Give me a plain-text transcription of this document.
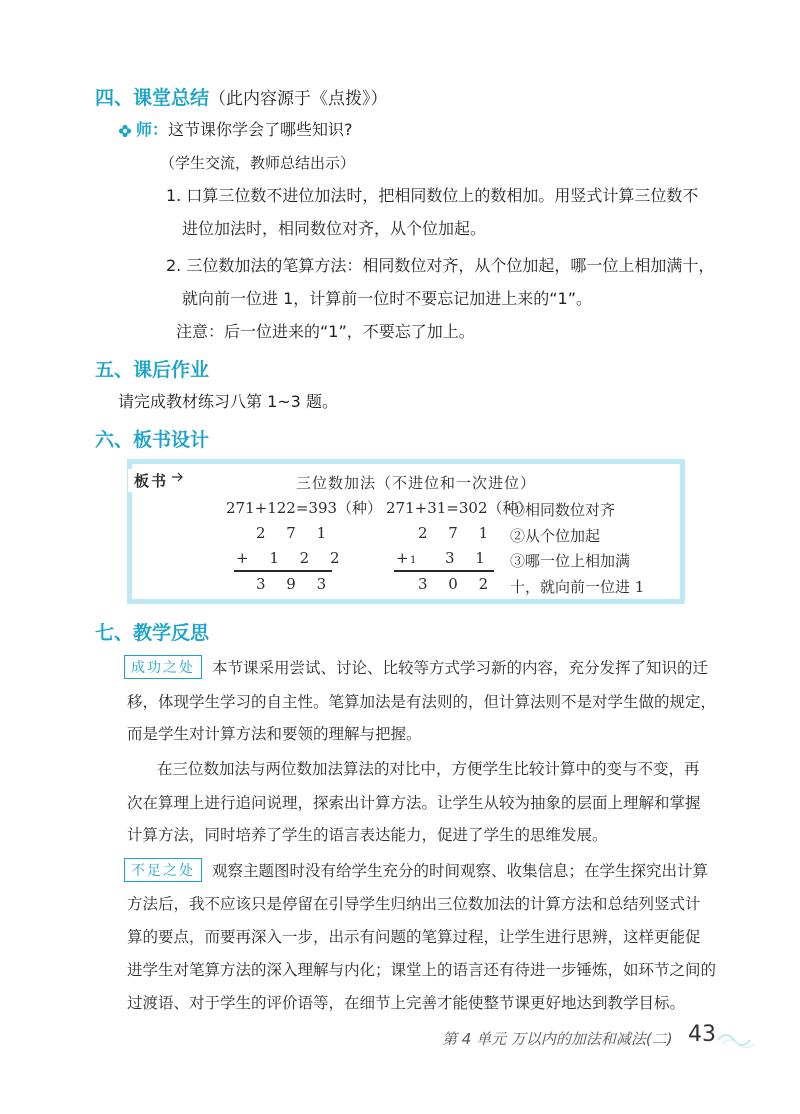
四、课堂总结（此内容源于《点拨》）
师：这节课你学会了哪些知识?
（学生交流，教师总结出示）
1. 口算三位数不进位加法时，把相同数位上的数相加。用竖式计算三位数不
进位加法时，相同数位对齐，从个位加起。
2. 三位数加法的笔算方法：相同数位对齐，从个位加起，哪一位上相加满十，
就向前一位进 1，计算前一位时不要忘记加进上来的“1”。
注意：后一位进来的“1”，不要忘了加上。
五、课后作业
请完成教材练习八第 1~3 题。
六、板书设计
板书	三位数加法（不进位和一次进位）
271+122=393（种） 271+31=302（种）
2 7 1
+ 1 2 2
3 9 3
2 7 1
+ 1 3 1
3 0 2
①相同数位对齐
②从个位加起
③哪一位上相加满
十，就向前一位进 1
七、教学反思
成功之处	本节课采用尝试、讨论、比较等方式学习新的内容，充分发挥了知识的迁
移，体现学生学习的自主性。笔算加法是有法则的，但计算法则不是对学生做的规定，
而是学生对计算方法和要领的理解与把握。
在三位数加法与两位数加法算法的对比中，方便学生比较计算中的变与不变，再
次在算理上进行追问说理，探索出计算方法。让学生从较为抽象的层面上理解和掌握
计算方法，同时培养了学生的语言表达能力，促进了学生的思维发展。
不足之处	观察主题图时没有给学生充分的时间观察、收集信息；在学生探究出计算
方法后，我不应该只是停留在引导学生归纳出三位数加法的计算方法和总结列竖式计
算的要点，而要再深入一步，出示有问题的笔算过程，让学生进行思辨，这样更能促
进学生对笔算方法的深入理解与内化；课堂上的语言还有待进一步锤炼，如环节之间的
过渡语、对于学生的评价语等，在细节上完善才能使整节课更好地达到教学目标。
第 4 单元 万以内的加法和减法(二) 43
